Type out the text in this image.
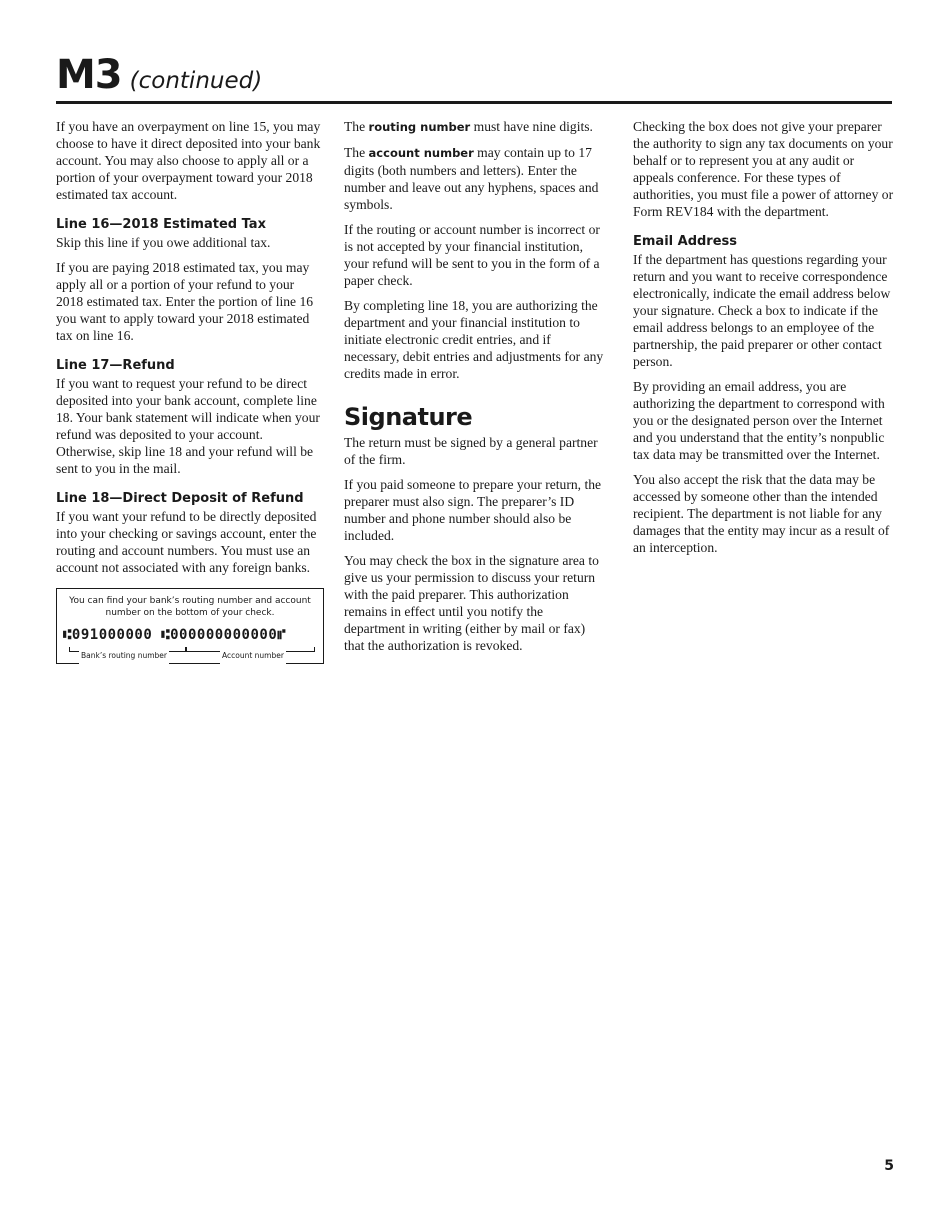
M3 (continued)

If you have an overpayment on line 15, you may choose to have it direct deposited into your bank account. You may also choose to apply all or a portion of your overpayment toward your 2018 estimated tax account.

Line 16—2018 Estimated Tax

Skip this line if you owe additional tax.

If you are paying 2018 estimated tax, you may apply all or a portion of your refund to your 2018 estimated tax. Enter the portion of line 16 you want to apply toward your 2018 estimated tax on line 16.

Line 17—Refund

If you want to request your refund to be direct deposited into your bank account, complete line 18. Your bank statement will indicate when your refund was deposited to your account. Otherwise, skip line 18 and your refund will be sent to you in the mail.

Line 18—Direct Deposit of Refund

If you want your refund to be directly deposited into your checking or savings account, enter the routing and account numbers. You must use an account not associated with any foreign banks.

You can find your bank’s routing number and account number on the bottom of your check.
⑆091000000 ⑆000000000000⑈
Bank’s routing number	Account number

The routing number must have nine digits.

The account number may contain up to 17 digits (both numbers and letters). Enter the number and leave out any hyphens, spaces and symbols.

If the routing or account number is incorrect or is not accepted by your financial institution, your refund will be sent to you in the form of a paper check.

By completing line 18, you are authorizing the department and your financial institution to initiate electronic credit entries, and if necessary, debit entries and adjustments for any credits made in error.

Signature

The return must be signed by a general partner of the firm.

If you paid someone to prepare your return, the preparer must also sign. The preparer’s ID number and phone number should also be included.

You may check the box in the signature area to give us your permission to discuss your return with the paid preparer. This authorization remains in effect until you notify the department in writing (either by mail or fax) that the authorization is revoked.

Checking the box does not give your preparer the authority to sign any tax documents on your behalf or to represent you at any audit or appeals conference. For these types of authorities, you must file a power of attorney or Form REV184 with the department.

Email Address

If the department has questions regarding your return and you want to receive correspondence electronically, indicate the email address below your signature. Check a box to indicate if the email address belongs to an employee of the partnership, the paid preparer or other contact person.

By providing an email address, you are authorizing the department to correspond with you or the designated person over the Internet and you understand that the entity’s nonpublic tax data may be transmitted over the Internet.

You also accept the risk that the data may be accessed by someone other than the intended recipient. The department is not liable for any damages that the entity may incur as a result of an interception.

5
